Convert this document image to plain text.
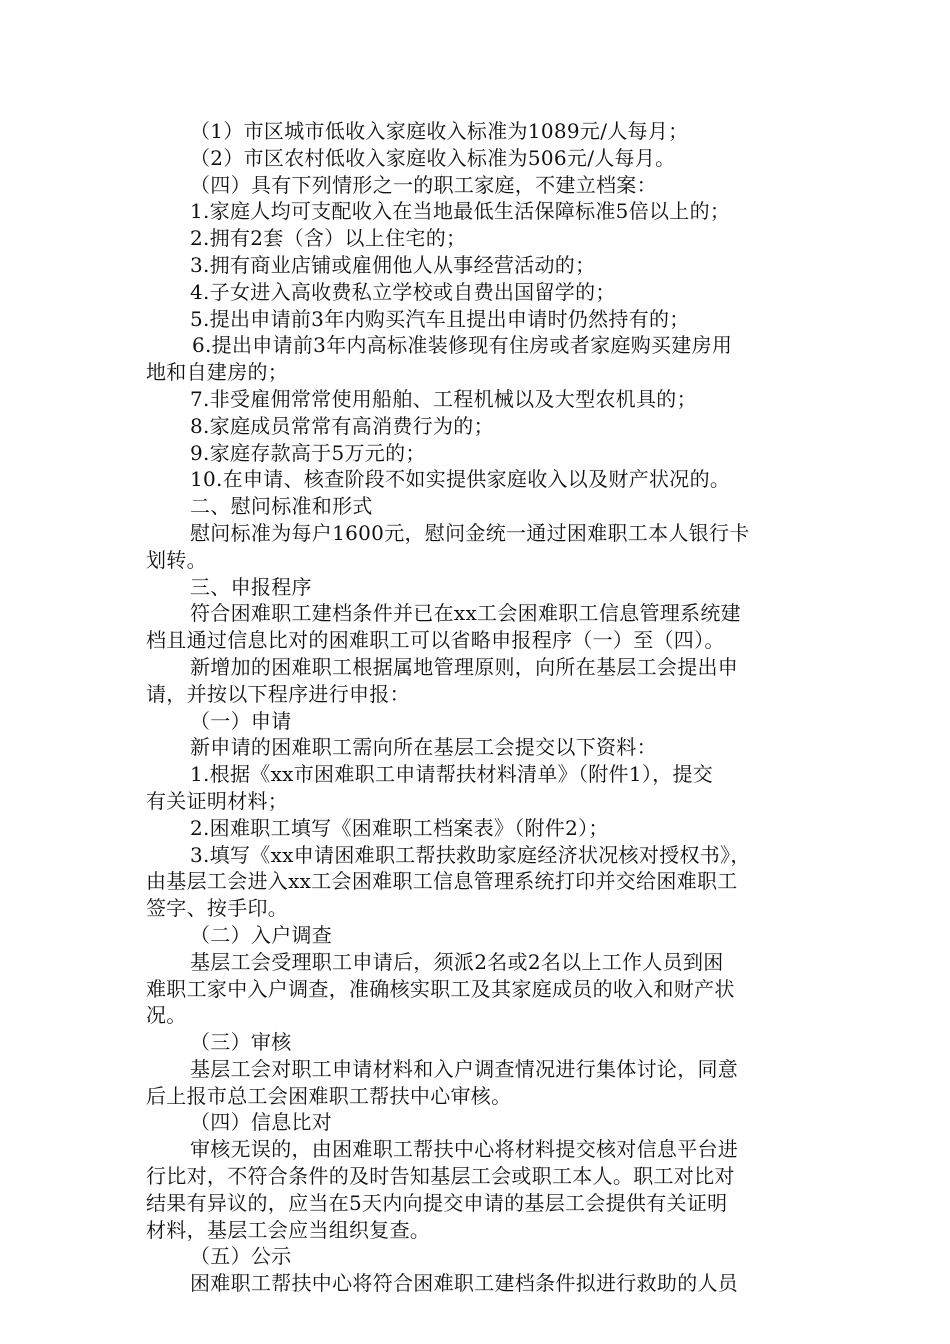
（1）市区城市低收入家庭收入标准为1089元/人每月；
（2）市区农村低收入家庭收入标准为506元/人每月。
（四）具有下列情形之一的职工家庭，不建立档案：
1.家庭人均可支配收入在当地最低生活保障标准5倍以上的；
2.拥有2套（含）以上住宅的；
3.拥有商业店铺或雇佣他人从事经营活动的；
4.子女进入高收费私立学校或自费出国留学的；
5.提出申请前3年内购买汽车且提出申请时仍然持有的；
6.提出申请前3年内高标准装修现有住房或者家庭购买建房用
地和自建房的；
7.非受雇佣常常使用船舶、工程机械以及大型农机具的；
8.家庭成员常常有高消费行为的；
9.家庭存款高于5万元的；
10.在申请、核查阶段不如实提供家庭收入以及财产状况的。
二、慰问标准和形式
慰问标准为每户1600元，慰问金统一通过困难职工本人银行卡
划转。
三、申报程序
符合困难职工建档条件并已在xx工会困难职工信息管理系统建
档且通过信息比对的困难职工可以省略申报程序（一）至（四）。
新增加的困难职工根据属地管理原则，向所在基层工会提出申
请，并按以下程序进行申报：
（一）申请
新申请的困难职工需向所在基层工会提交以下资料：
1.根据《xx市困难职工申请帮扶材料清单》（附件1），提交
有关证明材料；
2.困难职工填写《困难职工档案表》（附件2）；
3.填写《xx申请困难职工帮扶救助家庭经济状况核对授权书》，
由基层工会进入xx工会困难职工信息管理系统打印并交给困难职工
签字、按手印。
（二）入户调查
基层工会受理职工申请后，须派2名或2名以上工作人员到困
难职工家中入户调查，准确核实职工及其家庭成员的收入和财产状
况。
（三）审核
基层工会对职工申请材料和入户调查情况进行集体讨论，同意
后上报市总工会困难职工帮扶中心审核。
（四）信息比对
审核无误的，由困难职工帮扶中心将材料提交核对信息平台进
行比对，不符合条件的及时告知基层工会或职工本人。职工对比对
结果有异议的，应当在5天内向提交申请的基层工会提供有关证明
材料，基层工会应当组织复查。
（五）公示
困难职工帮扶中心将符合困难职工建档条件拟进行救助的人员
